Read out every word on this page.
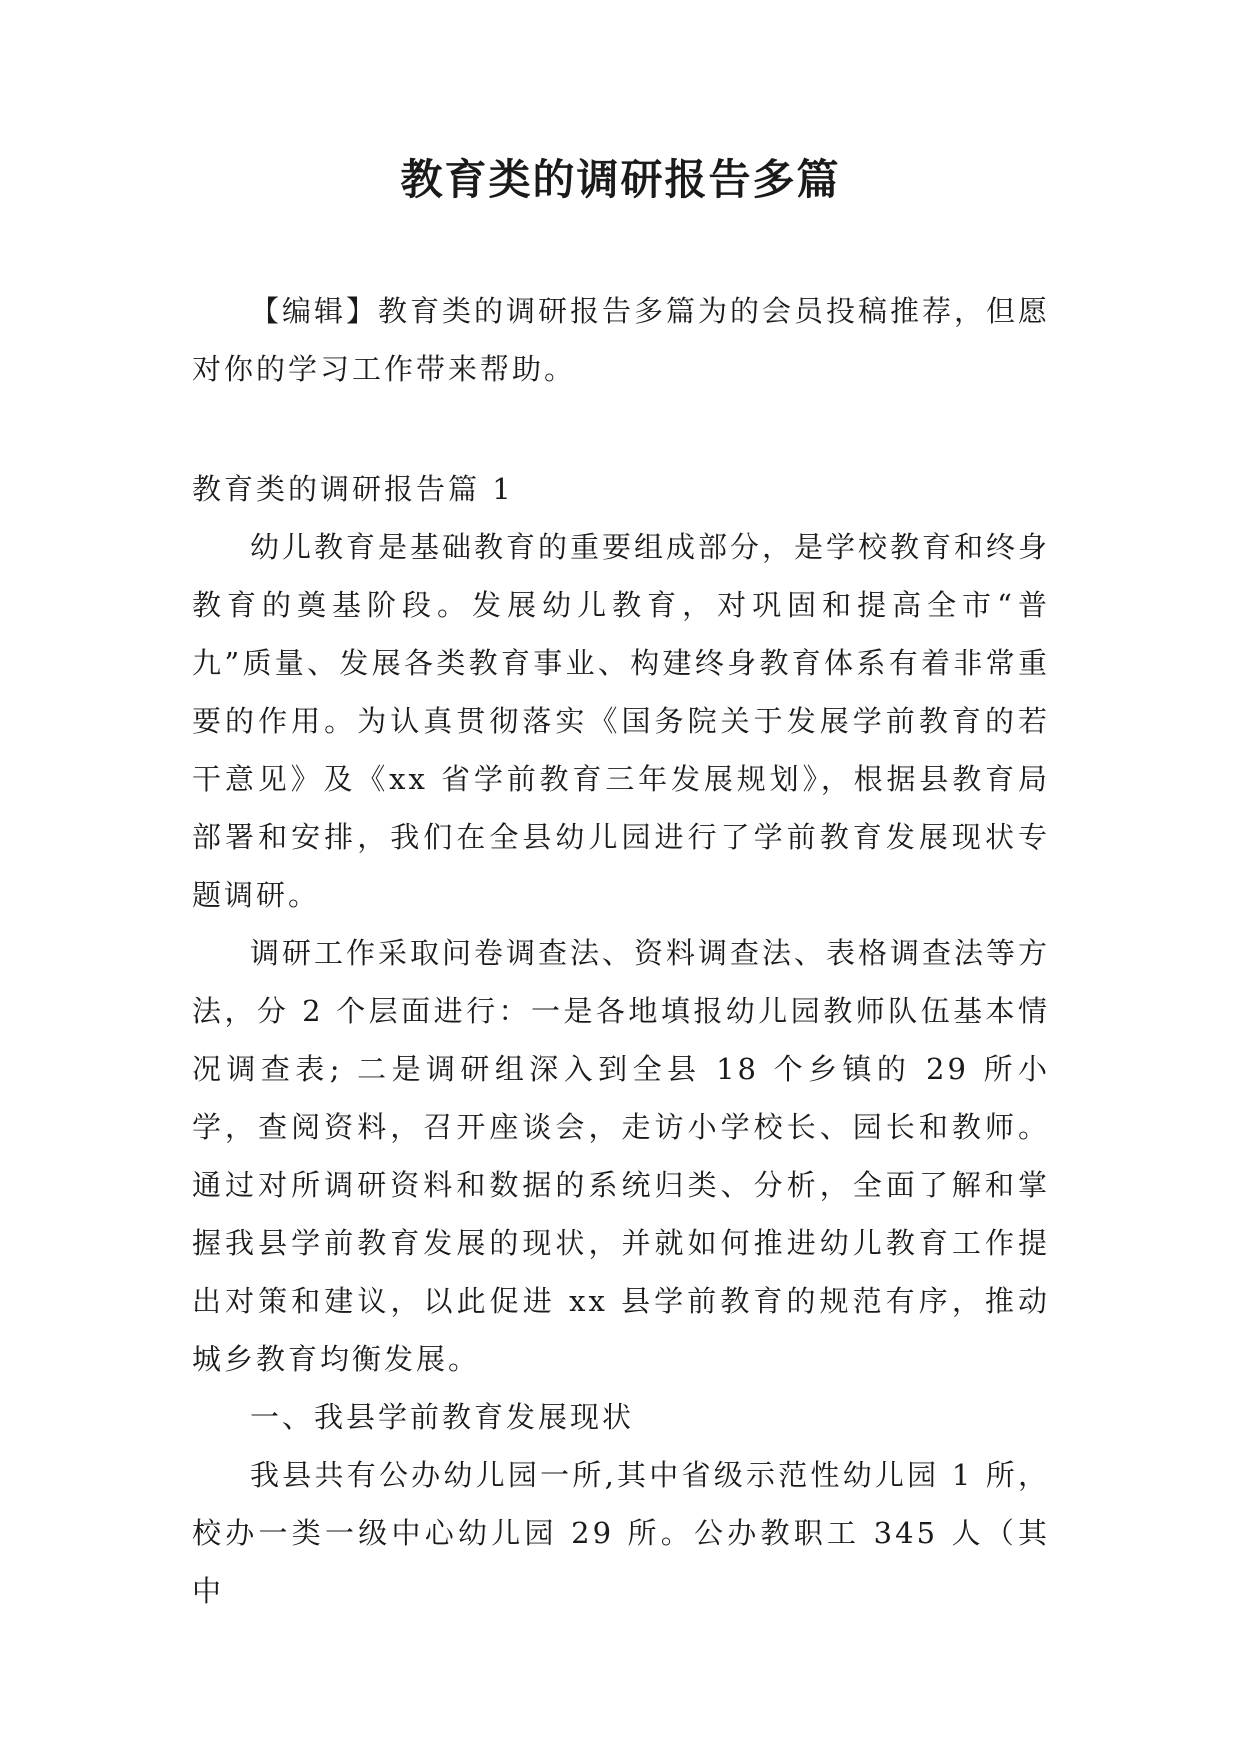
教育类的调研报告多篇

【编辑】教育类的调研报告多篇为的会员投稿推荐，但愿对你的学习工作带来帮助。

教育类的调研报告篇 1

幼儿教育是基础教育的重要组成部分，是学校教育和终身教育的奠基阶段。发展幼儿教育，对巩固和提高全市“普九”质量、发展各类教育事业、构建终身教育体系有着非常重要的作用。为认真贯彻落实《国务院关于发展学前教育的若干意见》及《xx 省学前教育三年发展规划》，根据县教育局部署和安排，我们在全县幼儿园进行了学前教育发展现状专题调研。

调研工作采取问卷调查法、资料调查法、表格调查法等方法，分 2 个层面进行：一是各地填报幼儿园教师队伍基本情况调查表; 二是调研组深入到全县 18 个乡镇的 29 所小学，查阅资料，召开座谈会，走访小学校长、园长和教师。通过对所调研资料和数据的系统归类、分析，全面了解和掌握我县学前教育发展的现状，并就如何推进幼儿教育工作提出对策和建议，以此促进 xx 县学前教育的规范有序，推动城乡教育均衡发展。

一、我县学前教育发展现状

我县共有公办幼儿园一所,其中省级示范性幼儿园 1 所，校办一类一级中心幼儿园 29 所。公办教职工 345 人（其中
